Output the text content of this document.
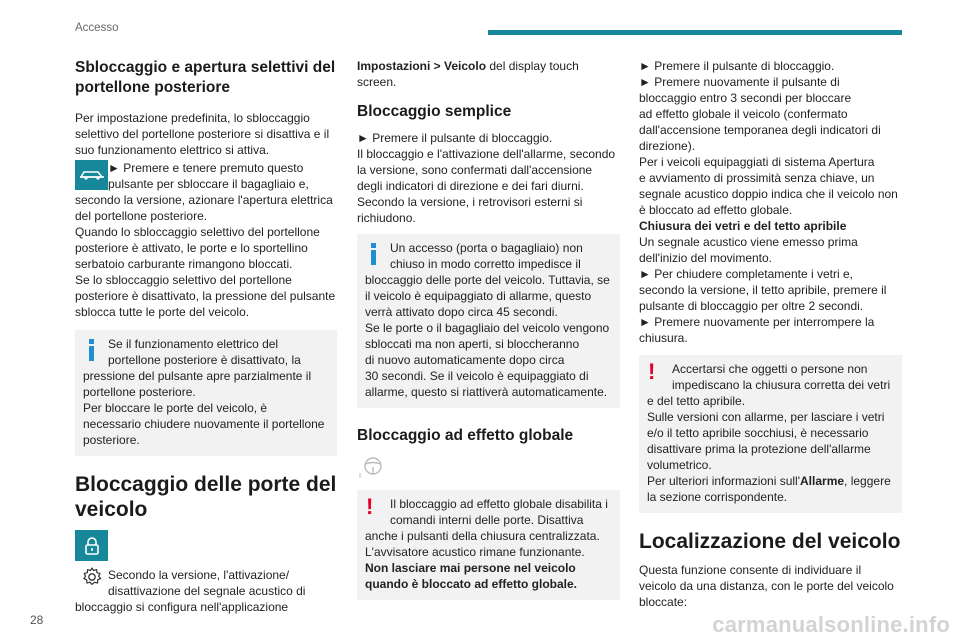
Accesso
Sbloccaggio e apertura selettivi del
portellone posteriore
Per impostazione predefinita, lo sbloccaggio
selettivo del portellone posteriore si disattiva e il
suo funzionamento elettrico si attiva.
► Premere e tenere premuto questo
pulsante per sbloccare il bagagliaio e,
secondo la versione, azionare l'apertura elettrica
del portellone posteriore.
Quando lo sbloccaggio selettivo del portellone
posteriore è attivato, le porte e lo sportellino
serbatoio carburante rimangono bloccati.
Se lo sbloccaggio selettivo del portellone
posteriore è disattivato, la pressione del pulsante
sblocca tutte le porte del veicolo.
Se il funzionamento elettrico del
portellone posteriore è disattivato, la
pressione del pulsante apre parzialmente il
portellone posteriore.
Per bloccare le porte del veicolo, è
necessario chiudere nuovamente il portellone
posteriore.
Bloccaggio delle porte del
veicolo
Secondo la versione, l'attivazione/
disattivazione del segnale acustico di
bloccaggio si configura nell'applicazione
Impostazioni > Veicolo del display touch
screen.
Bloccaggio semplice
► Premere il pulsante di bloccaggio.
Il bloccaggio e l'attivazione dell'allarme, secondo
la versione, sono confermati dall'accensione
degli indicatori di direzione e dei fari diurni.
Secondo la versione, i retrovisori esterni si
richiudono.
Un accesso (porta o bagagliaio) non
chiuso in modo corretto impedisce il
bloccaggio delle porte del veicolo. Tuttavia, se
il veicolo è equipaggiato di allarme, questo
verrà attivato dopo circa 45 secondi.
Se le porte o il bagagliaio del veicolo vengono
sbloccati ma non aperti, si bloccheranno
di nuovo automaticamente dopo circa
30 secondi. Se il veicolo è equipaggiato di
allarme, questo si riattiverà automaticamente.
Bloccaggio ad effetto globale
!	Il bloccaggio ad effetto globale disabilita i
comandi interni delle porte. Disattiva
anche i pulsanti della chiusura centralizzata.
L'avvisatore acustico rimane funzionante.
Non lasciare mai persone nel veicolo
quando è bloccato ad effetto globale.
► Premere il pulsante di bloccaggio.
► Premere nuovamente il pulsante di
bloccaggio entro 3 secondi per bloccare
ad effetto globale il veicolo (confermato
dall'accensione temporanea degli indicatori di
direzione).
Per i veicoli equipaggiati di sistema Apertura
e avviamento di prossimità senza chiave, un
segnale acustico doppio indica che il veicolo non
è bloccato ad effetto globale.
Chiusura dei vetri e del tetto apribile
Un segnale acustico viene emesso prima
dell'inizio del movimento.
► Per chiudere completamente i vetri e,
secondo la versione, il tetto apribile, premere il
pulsante di bloccaggio per oltre 2 secondi.
► Premere nuovamente per interrompere la
chiusura.
!	Accertarsi che oggetti o persone non
impediscano la chiusura corretta dei vetri
e del tetto apribile.
Sulle versioni con allarme, per lasciare i vetri
e/o il tetto apribile socchiusi, è necessario
disattivare prima la protezione dell'allarme
volumetrico.
Per ulteriori informazioni sull'Allarme, leggere
la sezione corrispondente.
Localizzazione del veicolo
Questa funzione consente di individuare il
veicolo da una distanza, con le porte del veicolo
bloccate:
28	carmanualsonline.info
